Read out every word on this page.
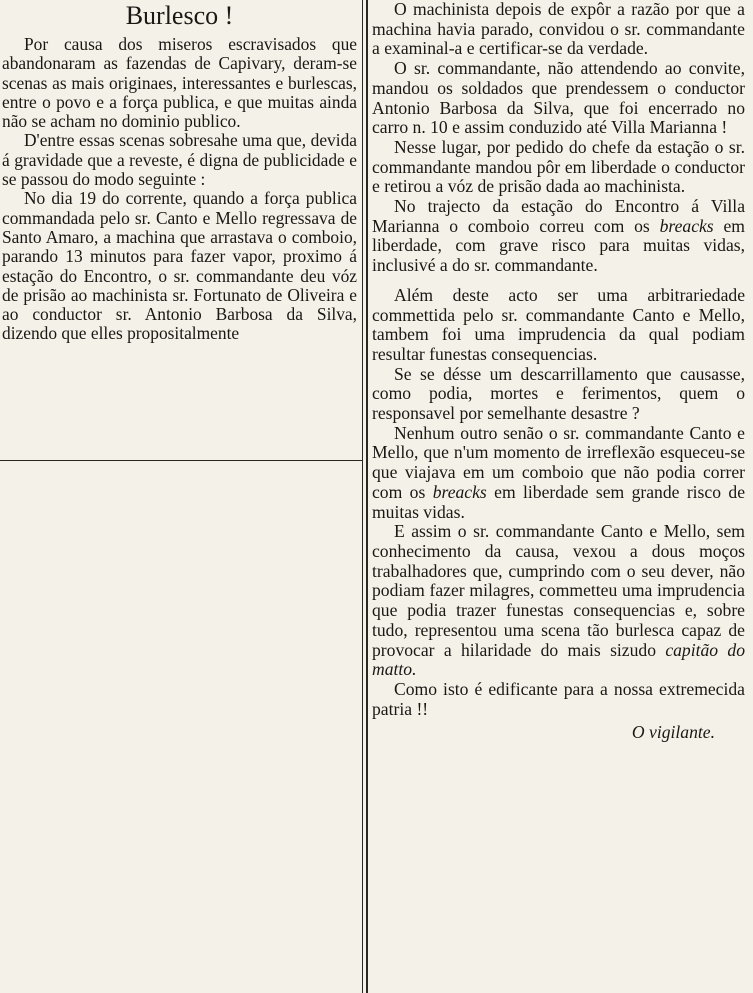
Burlesco !

Por causa dos miseros escravisados que abandonaram as fazendas de Capivary, deram-se scenas as mais originaes, interessantes e burlescas, entre o povo e a força publica, e que muitas ainda não se acham no dominio publico.

D'entre essas scenas sobresahe uma que, devida á gravidade que a reveste, é digna de publicidade e se passou do modo seguinte :

No dia 19 do corrente, quando a força publica commandada pelo sr. Canto e Mello regressava de Santo Amaro, a machina que arrastava o comboio, parando 13 minutos para fazer vapor, proximo á estação do Encontro, o sr. commandante deu vóz de prisão ao machinista sr. Fortunato de Oliveira e ao conductor sr. Antonio Barbosa da Silva, dizendo que elles propositalmente

O machinista depois de expôr a razão por que a machina havia parado, convidou o sr. commandante a examinal-a e certificar-se da verdade.

O sr. commandante, não attendendo ao convite, mandou os soldados que prendessem o conductor Antonio Barbosa da Silva, que foi encerrado no carro n. 10 e assim conduzido até Villa Marianna !

Nesse lugar, por pedido do chefe da estação o sr. commandante mandou pôr em liberdade o conductor e retirou a vóz de prisão dada ao machinista.

No trajecto da estação do Encontro á Villa Marianna o comboio correu com os breacks em liberdade, com grave risco para muitas vidas, inclusivé a do sr. commandante.

Além deste acto ser uma arbitrariedade commettida pelo sr. commandante Canto e Mello, tambem foi uma imprudencia da qual podiam resultar funestas consequencias.

Se se désse um descarrillamento que causasse, como podia, mortes e ferimentos, quem o responsavel por semelhante desastre ?

Nenhum outro senão o sr. commandante Canto e Mello, que n'um momento de irreflexão esqueceu-se que viajava em um comboio que não podia correr com os breacks em liberdade sem grande risco de muitas vidas.

E assim o sr. commandante Canto e Mello, sem conhecimento da causa, vexou a dous moços trabalhadores que, cumprindo com o seu dever, não podiam fazer milagres, commetteu uma imprudencia que podia trazer funestas consequencias e, sobre tudo, representou uma scena tão burlesca capaz de provocar a hilaridade do mais sizudo capitão do matto.

Como isto é edificante para a nossa extremecida patria !!

O vigilante.
